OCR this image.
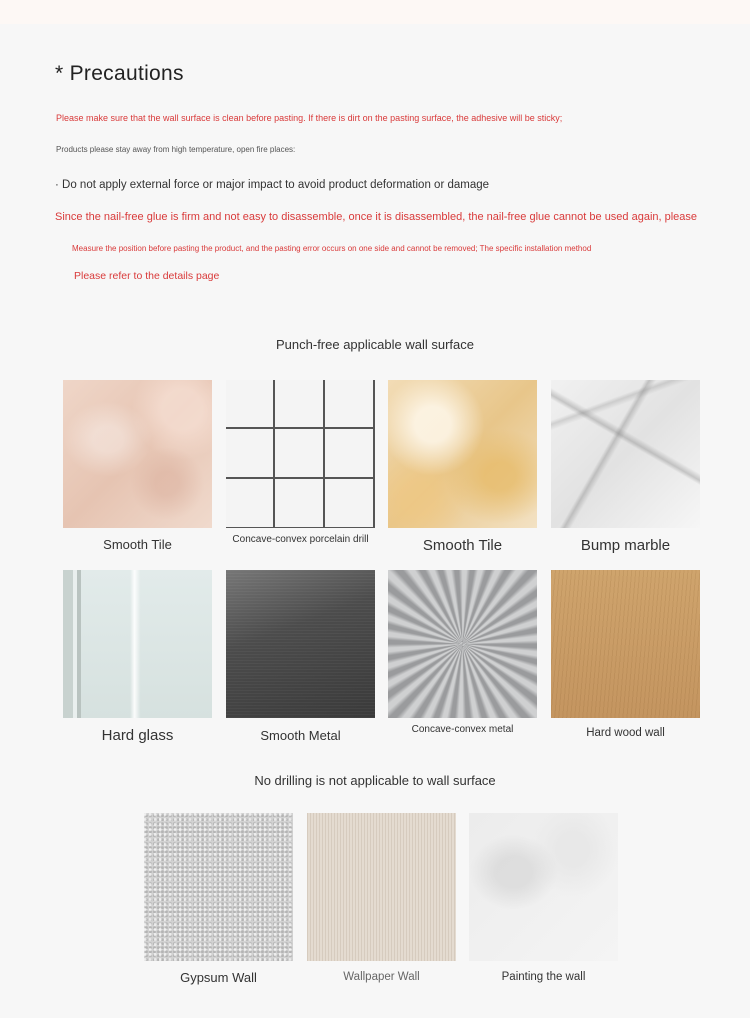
* Precautions
Please make sure that the wall surface is clean before pasting. If there is dirt on the pasting surface, the adhesive will be sticky;
Products please stay away from high temperature, open fire places:
· Do not apply external force or major impact to avoid product deformation or damage
Since the nail-free glue is firm and not easy to disassemble, once it is disassembled, the nail-free glue cannot be used again, please
Measure the position before pasting the product, and the pasting error occurs on one side and cannot be removed; The specific installation method
Please refer to the details page
Punch-free applicable wall surface
Smooth Tile	Concave-convex porcelain drill	Smooth Tile	Bump marble
Hard glass	Smooth Metal	Concave-convex metal	Hard wood wall
No drilling is not applicable to wall surface
Gypsum Wall	Wallpaper Wall	Painting the wall
